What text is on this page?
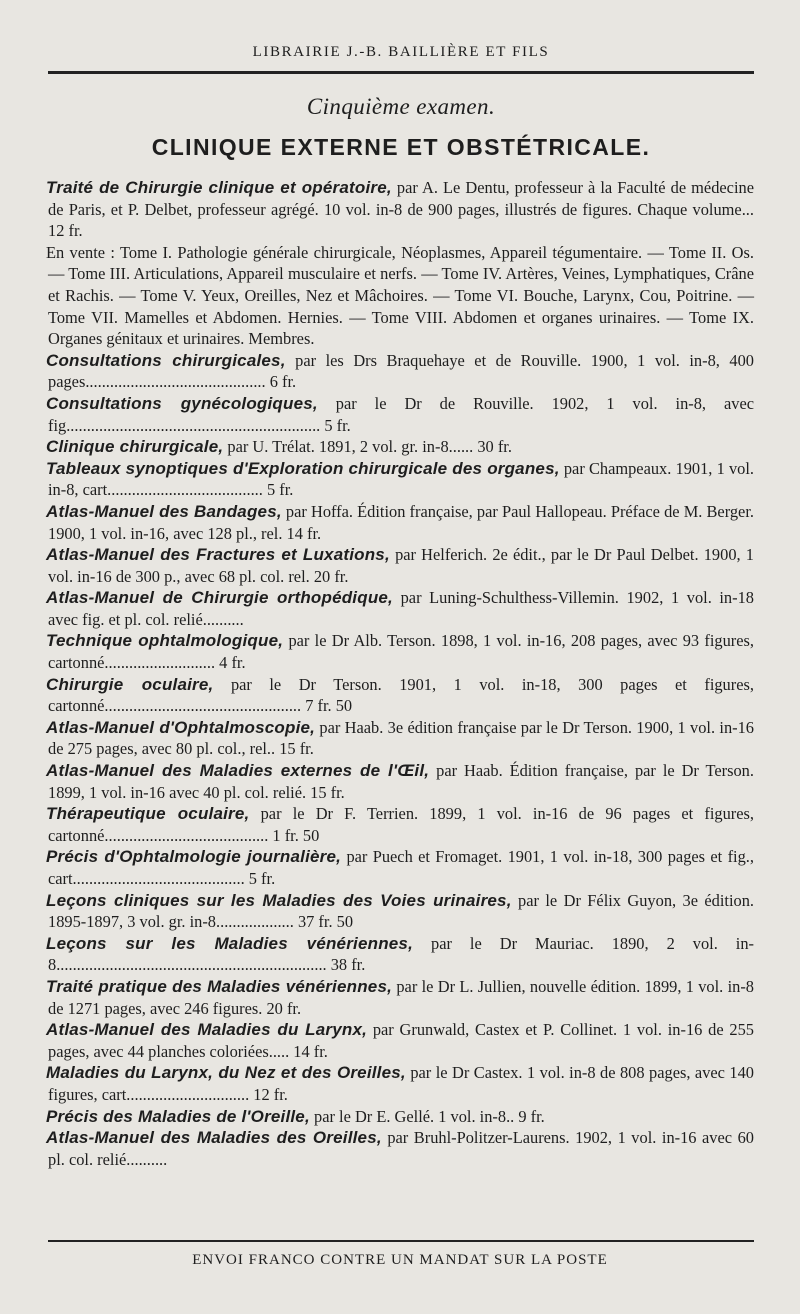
LIBRAIRIE J.-B. BAILLIÈRE ET FILS
Cinquième examen.
CLINIQUE EXTERNE ET OBSTÉTRICALE.
Traité de Chirurgie clinique et opératoire, par A. Le Dentu, professeur à la Faculté de médecine de Paris, et P. Delbet, professeur agrégé. 10 vol. in-8 de 900 pages, illustrés de figures. Chaque volume... 12 fr.
En vente : Tome I. Pathologie générale chirurgicale, Néoplasmes, Appareil tégumentaire. — Tome II. Os. — Tome III. Articulations, Appareil musculaire et nerfs. — Tome IV. Artères, Veines, Lymphatiques, Crâne et Rachis. — Tome V. Yeux, Oreilles, Nez et Mâchoires. — Tome VI. Bouche, Larynx, Cou, Poitrine. — Tome VII. Mamelles et Abdomen. Hernies. — Tome VIII. Abdomen et organes urinaires. — Tome IX. Organes génitaux et urinaires. Membres.
Consultations chirurgicales, par les Drs Braquehaye et de Rouville. 1900, 1 vol. in-8, 400 pages............................................ 6 fr.
Consultations gynécologiques, par le Dr de Rouville. 1902, 1 vol. in-8, avec fig.............................................................. 5 fr.
Clinique chirurgicale, par U. Trélat. 1891, 2 vol. gr. in-8...... 30 fr.
Tableaux synoptiques d'Exploration chirurgicale des organes, par Champeaux. 1901, 1 vol. in-8, cart...................................... 5 fr.
Atlas-Manuel des Bandages, par Hoffa. Édition française, par Paul Hallopeau. Préface de M. Berger. 1900, 1 vol. in-16, avec 128 pl., rel. 14 fr.
Atlas-Manuel des Fractures et Luxations, par Helferich. 2e édit., par le Dr Paul Delbet. 1900, 1 vol. in-16 de 300 p., avec 68 pl. col. rel. 20 fr.
Atlas-Manuel de Chirurgie orthopédique, par Luning-Schulthess-Villemin. 1902, 1 vol. in-18 avec fig. et pl. col. relié..........
Technique ophtalmologique, par le Dr Alb. Terson. 1898, 1 vol. in-16, 208 pages, avec 93 figures, cartonné........................... 4 fr.
Chirurgie oculaire, par le Dr Terson. 1901, 1 vol. in-18, 300 pages et figures, cartonné................................................ 7 fr. 50
Atlas-Manuel d'Ophtalmoscopie, par Haab. 3e édition française par le Dr Terson. 1900, 1 vol. in-16 de 275 pages, avec 80 pl. col., rel.. 15 fr.
Atlas-Manuel des Maladies externes de l'Œil, par Haab. Édition française, par le Dr Terson. 1899, 1 vol. in-16 avec 40 pl. col. relié. 15 fr.
Thérapeutique oculaire, par le Dr F. Terrien. 1899, 1 vol. in-16 de 96 pages et figures, cartonné........................................ 1 fr. 50
Précis d'Ophtalmologie journalière, par Puech et Fromaget. 1901, 1 vol. in-18, 300 pages et fig., cart.......................................... 5 fr.
Leçons cliniques sur les Maladies des Voies urinaires, par le Dr Félix Guyon, 3e édition. 1895-1897, 3 vol. gr. in-8................... 37 fr. 50
Leçons sur les Maladies vénériennes, par le Dr Mauriac. 1890, 2 vol. in-8.................................................................. 38 fr.
Traité pratique des Maladies vénériennes, par le Dr L. Jullien, nouvelle édition. 1899, 1 vol. in-8 de 1271 pages, avec 246 figures. 20 fr.
Atlas-Manuel des Maladies du Larynx, par Grunwald, Castex et P. Collinet. 1 vol. in-16 de 255 pages, avec 44 planches coloriées..... 14 fr.
Maladies du Larynx, du Nez et des Oreilles, par le Dr Castex. 1 vol. in-8 de 808 pages, avec 140 figures, cart.............................. 12 fr.
Précis des Maladies de l'Oreille, par le Dr E. Gellé. 1 vol. in-8.. 9 fr.
Atlas-Manuel des Maladies des Oreilles, par Bruhl-Politzer-Laurens. 1902, 1 vol. in-16 avec 60 pl. col. relié..........
ENVOI FRANCO CONTRE UN MANDAT SUR LA POSTE
